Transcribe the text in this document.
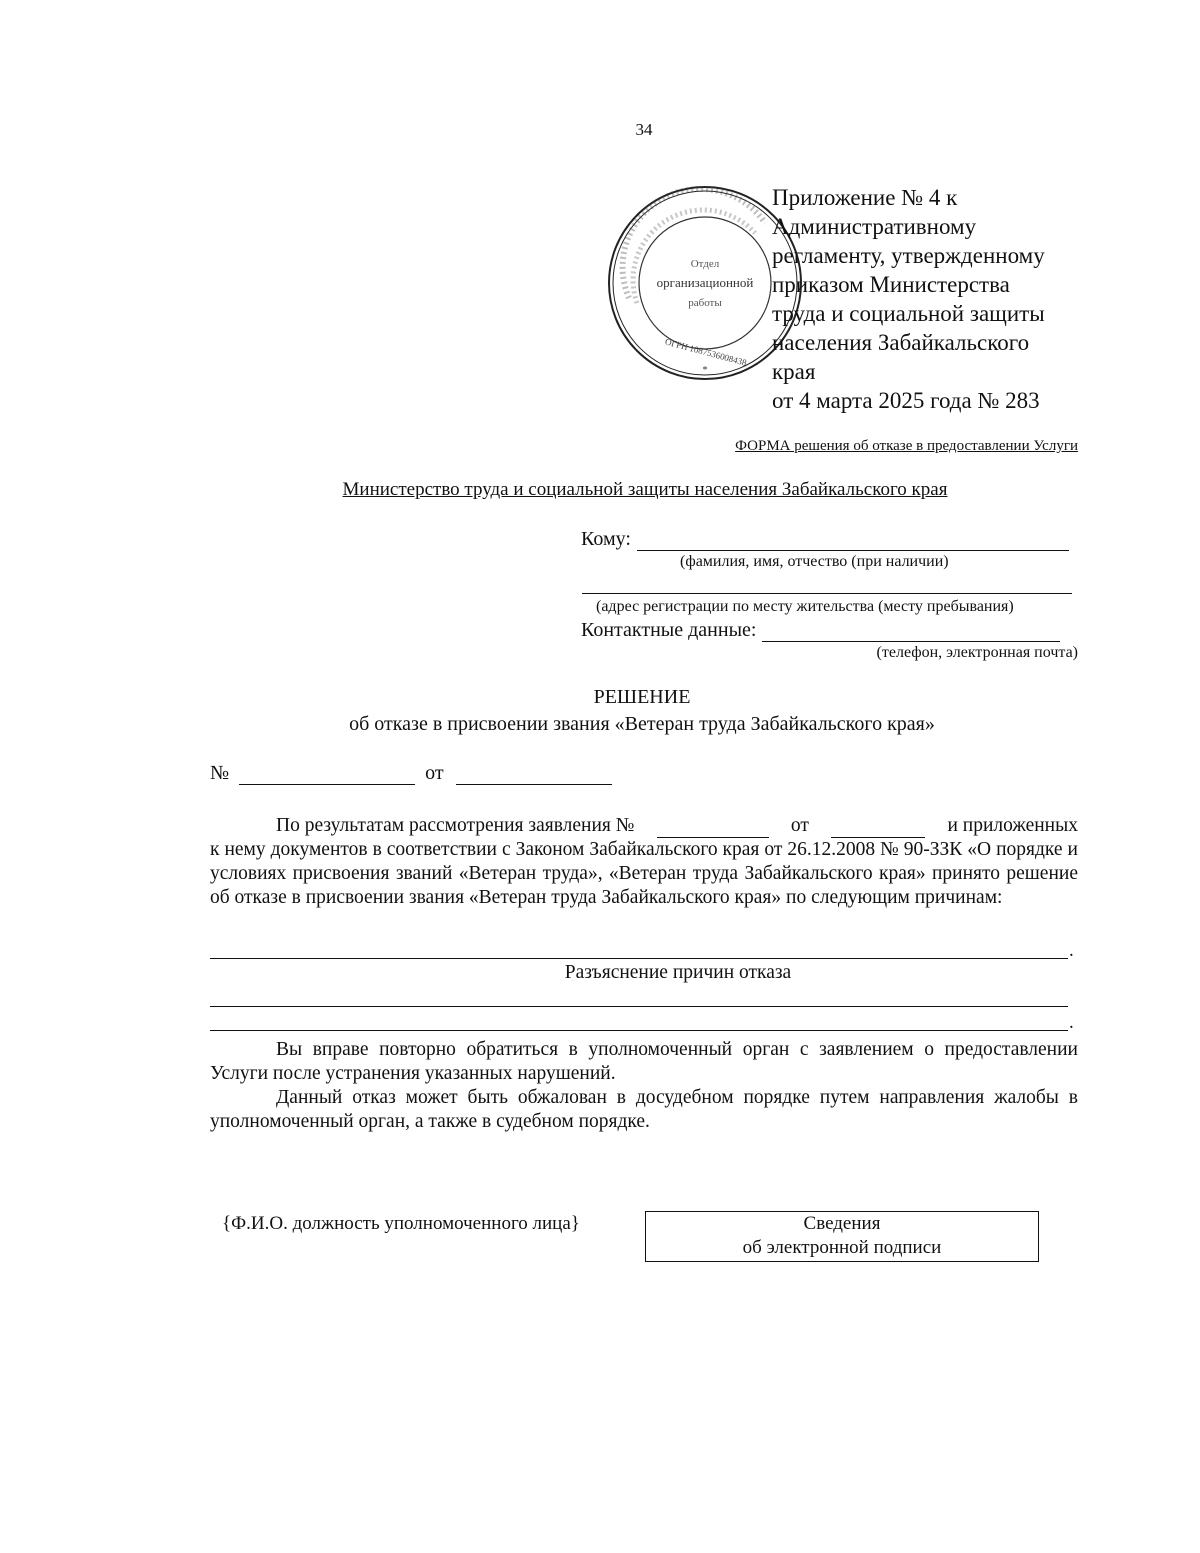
34
Отдел
организационной
работы
ОГРН 1087536008438
*
Приложение № 4 к
Административному
регламенту, утвержденному
приказом Министерства
труда и социальной защиты
населения Забайкальского
края
от 4 марта 2025 года № 283
ФОРМА решения об отказе в предоставлении Услуги
Министерство труда и социальной защиты населения Забайкальского края
Кому:
(фамилия, имя, отчество (при наличии)
(адрес регистрации по месту жительства (месту пребывания)
Контактные данные:
(телефон, электронная почта)
РЕШЕНИЕ
об отказе в присвоении звания «Ветеран труда Забайкальского края»
№	от
По результатам рассмотрения заявления №	от	и приложенных
к нему документов в соответствии с Законом Забайкальского края от 26.12.2008 № 90-ЗЗК «О порядке и условиях присвоения званий «Ветеран труда», «Ветеран труда Забайкальского края» принято решение об отказе в присвоении звания «Ветеран труда Забайкальского края» по следующим причинам:
.
Разъяснение причин отказа
.
Вы вправе повторно обратиться в уполномоченный орган с заявлением о предоставлении Услуги после устранения указанных нарушений.
Данный отказ может быть обжалован в досудебном порядке путем направления жалобы в уполномоченный орган, а также в судебном порядке.
{Ф.И.О. должность уполномоченного лица}	Сведения
об электронной подписи
